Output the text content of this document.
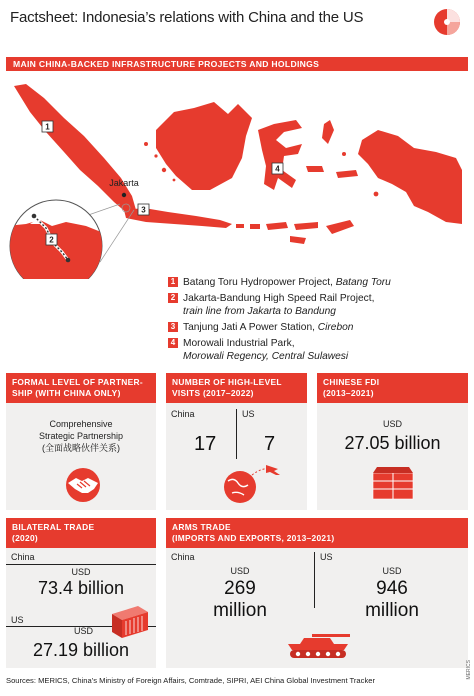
Factsheet: Indonesia’s relations with China and the US
MAIN CHINA-BACKED INFRASTRUCTURE PROJECTS AND HOLDINGS
1
4
3
Jakarta
2
1 Batang Toru Hydropower Project, Batang Toru
2 Jakarta-Bandung High Speed Rail Project,
train line from Jakarta to Bandung
3 Tanjung Jati A Power Station, Cirebon
4 Morowali Industrial Park,
Morowali Regency, Central Sulawesi
FORMAL LEVEL OF PARTNER-
SHIP (WITH CHINA ONLY)
Comprehensive
Strategic Partnership
(全面战略伙伴关系)
NUMBER OF HIGH-LEVEL
VISITS (2017–2022)
China	US
17 7
CHINESE FDI
(2013–2021)
USD
27.05 billion
BILATERAL TRADE
(2020)
China
USD
73.4 billion
US
USD
27.19 billion
ARMS TRADE
(IMPORTS AND EXPORTS, 2013–2021)
China	US
USD
269
million
USD
946
million
Sources: MERICS, China’s Ministry of Foreign Affairs, Comtrade, SIPRI, AEI China Global Investment Tracker
MERICS
